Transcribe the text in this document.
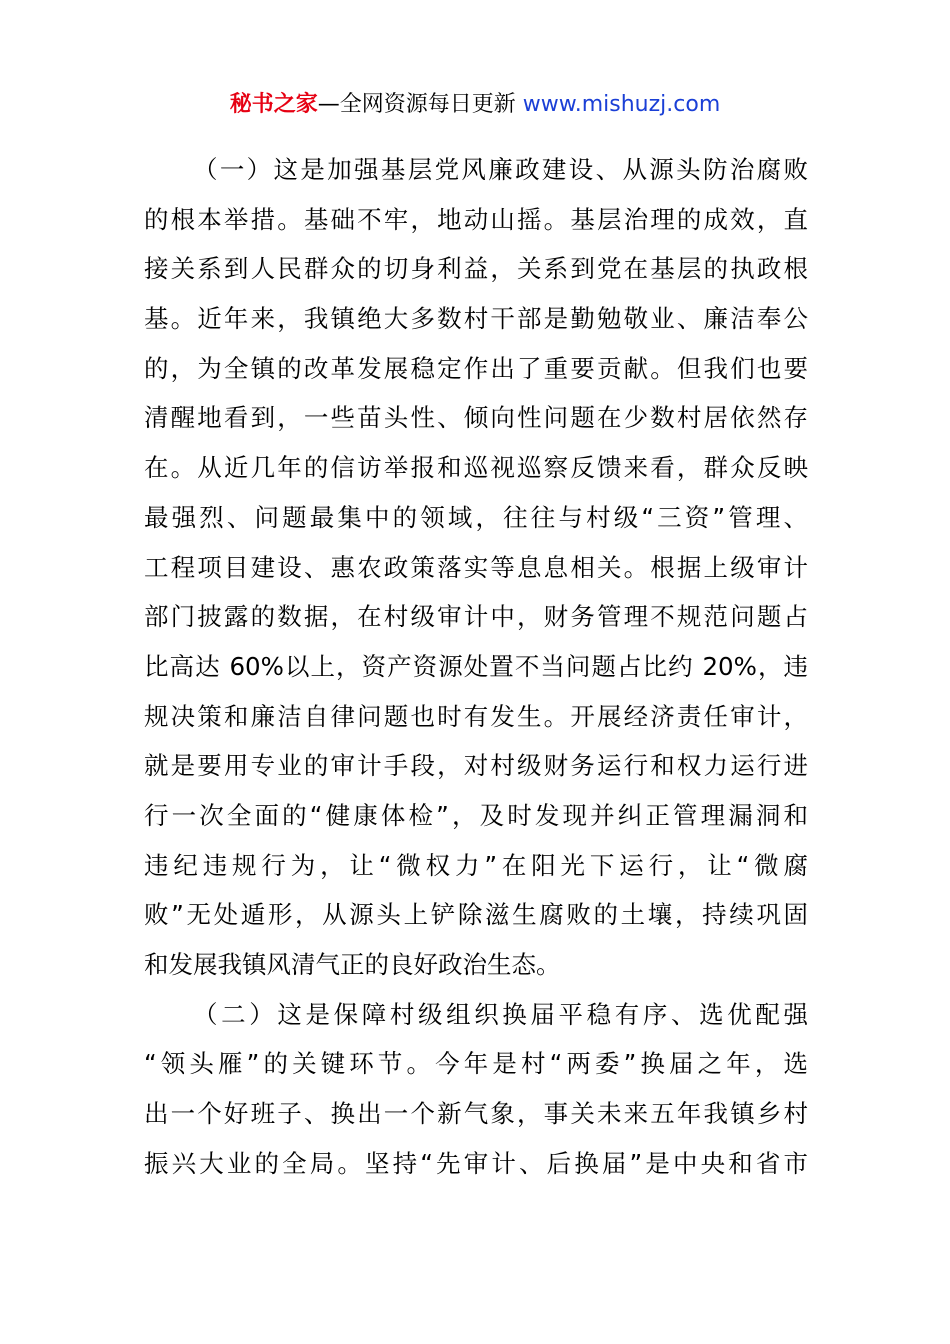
秘书之家—全网资源每日更新 www.mishuzj.com
（一）这是加强基层党风廉政建设、从源头防治腐败
的根本举措。基础不牢，地动山摇。基层治理的成效，直
接关系到人民群众的切身利益，关系到党在基层的执政根
基。近年来，我镇绝大多数村干部是勤勉敬业、廉洁奉公
的，为全镇的改革发展稳定作出了重要贡献。但我们也要
清醒地看到，一些苗头性、倾向性问题在少数村居依然存
在。从近几年的信访举报和巡视巡察反馈来看，群众反映
最强烈、问题最集中的领域，往往与村级“三资”管理、
工程项目建设、惠农政策落实等息息相关。根据上级审计
部门披露的数据，在村级审计中，财务管理不规范问题占
比高达 60%以上，资产资源处置不当问题占比约 20%，违
规决策和廉洁自律问题也时有发生。开展经济责任审计，
就是要用专业的审计手段，对村级财务运行和权力运行进
行一次全面的“健康体检”，及时发现并纠正管理漏洞和
违纪违规行为，让“微权力”在阳光下运行，让“微腐
败”无处遁形，从源头上铲除滋生腐败的土壤，持续巩固
和发展我镇风清气正的良好政治生态。
（二）这是保障村级组织换届平稳有序、选优配强
“领头雁”的关键环节。今年是村“两委”换届之年，选
出一个好班子、换出一个新气象，事关未来五年我镇乡村
振兴大业的全局。坚持“先审计、后换届”是中央和省市
